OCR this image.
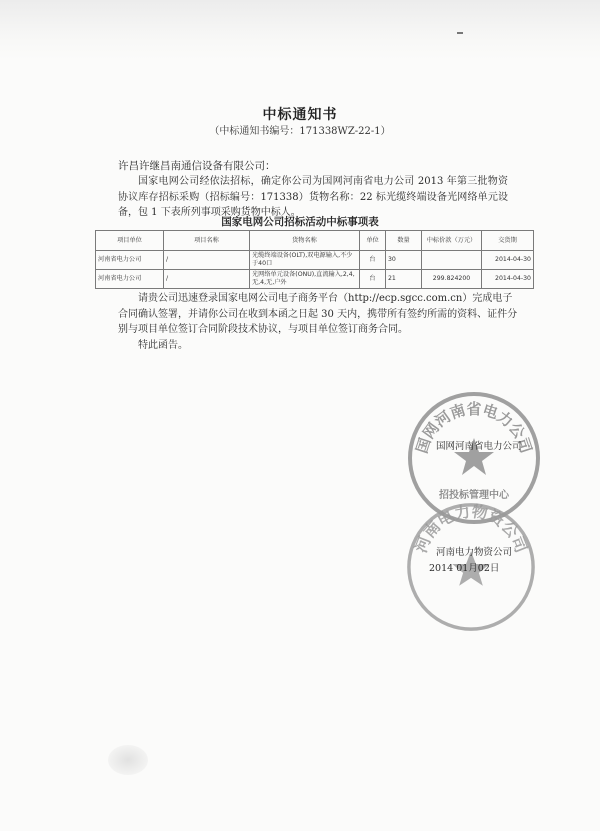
中标通知书
（中标通知书编号：171338WZ-22-1）
许昌许继昌南通信设备有限公司：
国家电网公司经依法招标，确定你公司为国网河南省电力公司 2013 年第三批物资协议库存招标采购（招标编号：171338）货物名称：22 标光缆终端设备光网络单元设备，包 1 下表所列事项采购货物中标人。
国家电网公司招标活动中标事项表
项目单位	项目名称	货物名称	单位	数量	中标价款（万元）	交货期
河南省电力公司	/	光缆终端设备(OLT),双电源输入,不少于40口	台	30		2014-04-30
河南省电力公司	/	光网络单元设备(ONU),直流输入,2,4,无,4,无,户外	台	21	299.824200	2014-04-30
请贵公司迅速登录国家电网公司电子商务平台（http://ecp.sgcc.com.cn）完成电子合同确认签署，并请你公司在收到本函之日起 30 天内，携带所有签约所需的资料、证件分别与项目单位签订合同阶段技术协议，与项目单位签订商务合同。
特此函告。
国网河南省电力公司
招投标管理中心
国网河南省电力公司
河南电力物资公司
河南电力物资公司
2014 01月02日
